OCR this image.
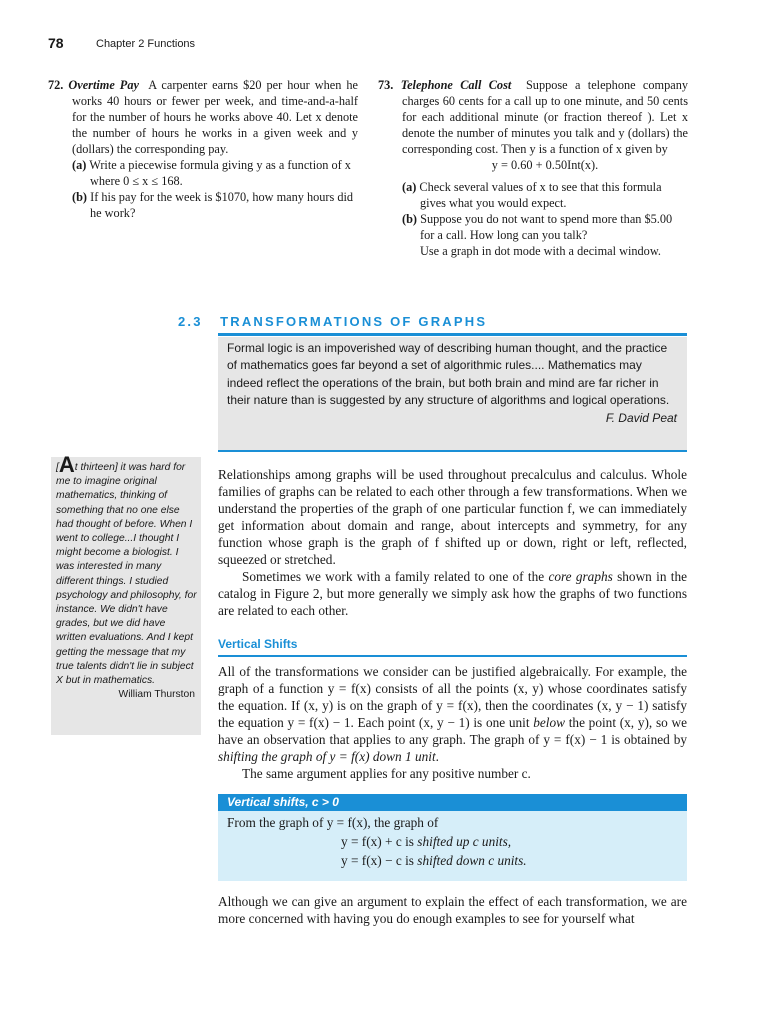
78	Chapter 2 Functions
72. Overtime Pay A carpenter earns $20 per hour when he works 40 hours or fewer per week, and time-and-a-half for the number of hours he works above 40. Let x denote the number of hours he works in a given week and y (dollars) the corresponding pay.
(a) Write a piecewise formula giving y as a function of x where 0 ≤ x ≤ 168.
(b) If his pay for the week is $1070, how many hours did he work?
73. Telephone Call Cost Suppose a telephone company charges 60 cents for a call up to one minute, and 50 cents for each additional minute (or fraction thereof ). Let x denote the number of minutes you talk and y (dollars) the corresponding cost. Then y is a function of x given by
y = 0.60 + 0.50Int(x).
(a) Check several values of x to see that this formula gives what you would expect.
(b) Suppose you do not want to spend more than $5.00 for a call. How long can you talk?
Use a graph in dot mode with a decimal window.
2.3 TRANSFORMATIONS OF GRAPHS
Formal logic is an impoverished way of describing human thought, and the practice of mathematics goes far beyond a set of algorithmic rules.... Mathematics may indeed reflect the operations of the brain, but both brain and mind are far richer in their nature than is suggested by any structure of algorithms and logical operations.
F. David Peat
[At thirteen] it was hard for me to imagine original mathematics, thinking of something that no one else had thought of before. When I went to college...I thought I might become a biologist. I was interested in many different things. I studied psychology and philosophy, for instance. We didn't have grades, but we did have written evaluations. And I kept getting the message that my true talents didn't lie in subject X but in mathematics.
William Thurston
Relationships among graphs will be used throughout precalculus and calculus. Whole families of graphs can be related to each other through a few transformations. When we understand the properties of the graph of one particular function f, we can immediately get information about domain and range, about intercepts and symmetry, for any function whose graph is the graph of f shifted up or down, right or left, reflected, squeezed or stretched.
Sometimes we work with a family related to one of the core graphs shown in the catalog in Figure 2, but more generally we simply ask how the graphs of two functions are related to each other.
Vertical Shifts
All of the transformations we consider can be justified algebraically. For example, the graph of a function y = f(x) consists of all the points (x, y) whose coordinates satisfy the equation. If (x, y) is on the graph of y = f(x), then the coordinates (x, y − 1) satisfy the equation y = f(x) − 1. Each point (x, y − 1) is one unit below the point (x, y), so we have an observation that applies to any graph. The graph of y = f(x) − 1 is obtained by shifting the graph of y = f(x) down 1 unit.
The same argument applies for any positive number c.
Vertical shifts, c > 0
From the graph of y = f(x), the graph of
y = f(x) + c is shifted up c units,
y = f(x) − c is shifted down c units.
Although we can give an argument to explain the effect of each transformation, we are more concerned with having you do enough examples to see for yourself what
